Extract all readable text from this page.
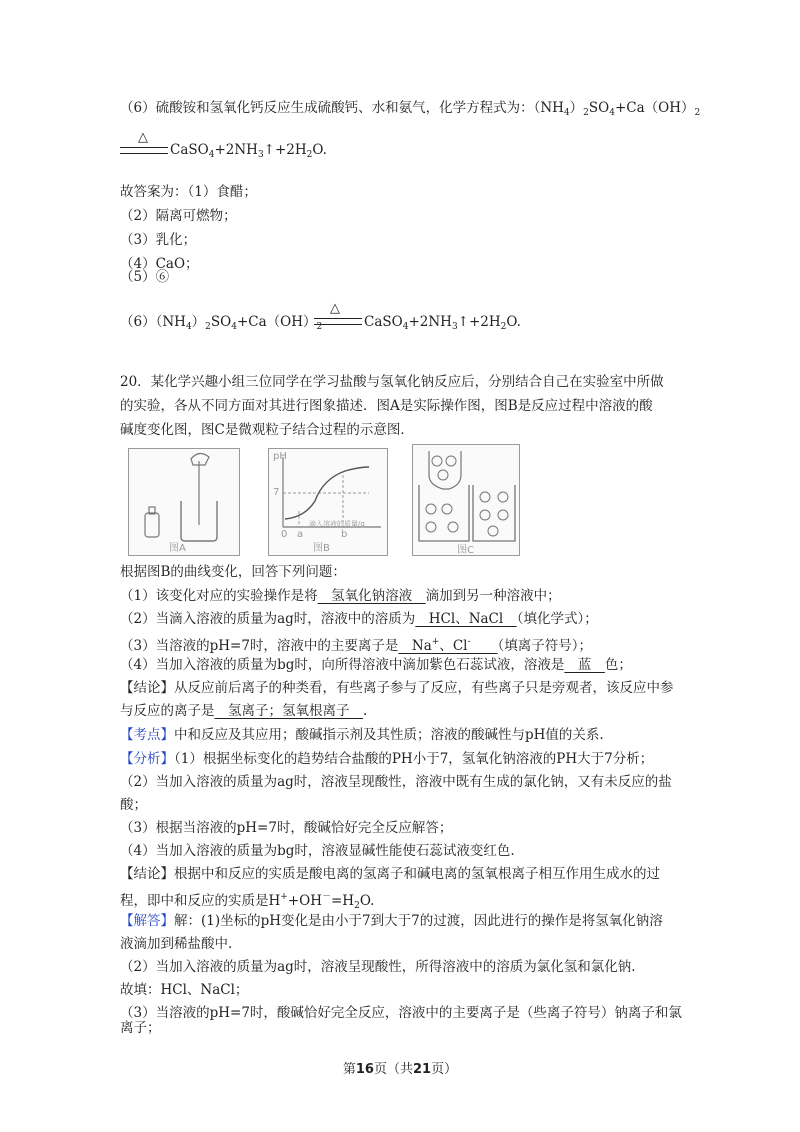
（6）硫酸铵和氢氧化钙反应生成硫酸钙、水和氨气，化学方程式为：$(NH_4)_2SO_4+Ca(OH)_2$
△
$CaSO_4+2NH_3↑+2H_2O$.
故答案为：（1）食醋；
（2）隔离可燃物；
（3）乳化；
（4）CaO；
（5）⑥
$(6)(NH_4)_2SO_4+Ca(OH)_2$
△
$CaSO_4+2NH_3↑+2H_2O$.
20．某化学兴趣小组三位同学在学习盐酸与氢氧化钠反应后，分别结合自己在实验室中所做
的实验，各从不同方面对其进行图象描述．图A是实际操作图，图B是反应过程中溶液的酸
碱度变化图，图C是微观粒子结合过程的示意图．
图A
pH
7
0 a	b
滴入溶液的质量/g
图B	图C
根据图B的曲线变化，回答下列问题：
（1）该变化对应的实验操作是将　氢氧化钠溶液　滴加到另一种溶液中；
（2）当滴入溶液的质量为ag时，溶液中的溶质为　HCl、NaCl　（填化学式）；
（3）当溶液的pH=7时，溶液中的主要离子是　Na+、Cl-　　 （填离子符号）；
（4）当加入溶液的质量为bg时，向所得溶液中滴加紫色石蕊试液，溶液是　蓝　色；
【结论】从反应前后离子的种类看，有些离子参与了反应，有些离子只是旁观者，该反应中参
与反应的离子是　氢离子；氢氧根离子　.
【考点】中和反应及其应用；酸碱指示剂及其性质；溶液的酸碱性与pH值的关系.
【分析】（1）根据坐标变化的趋势结合盐酸的PH小于7，氢氧化钠溶液的PH大于7分析；
（2）当加入溶液的质量为ag时，溶液呈现酸性，溶液中既有生成的氯化钠，又有未反应的盐
酸；
（3）根据当溶液的pH=7时，酸碱恰好完全反应解答；
（4）当加入溶液的质量为bg时，溶液显碱性能使石蕊试液变红色.
【结论】根据中和反应的实质是酸电离的氢离子和碱电离的氢氧根离子相互作用生成水的过
程，即中和反应的实质是$H^++OH^-=H_2O$.
【解答】解：(1)坐标的pH变化是由小于7到大于7的过渡，因此进行的操作是将氢氧化钠溶
液滴加到稀盐酸中.
（2）当加入溶液的质量为ag时，溶液呈现酸性，所得溶液中的溶质为氯化氢和氯化钠.
故填：HCl、NaCl；
（3）当溶液的pH=7时，酸碱恰好完全反应，溶液中的主要离子是（些离子符号）钠离子和氯
离子；
第16页（共21页）
